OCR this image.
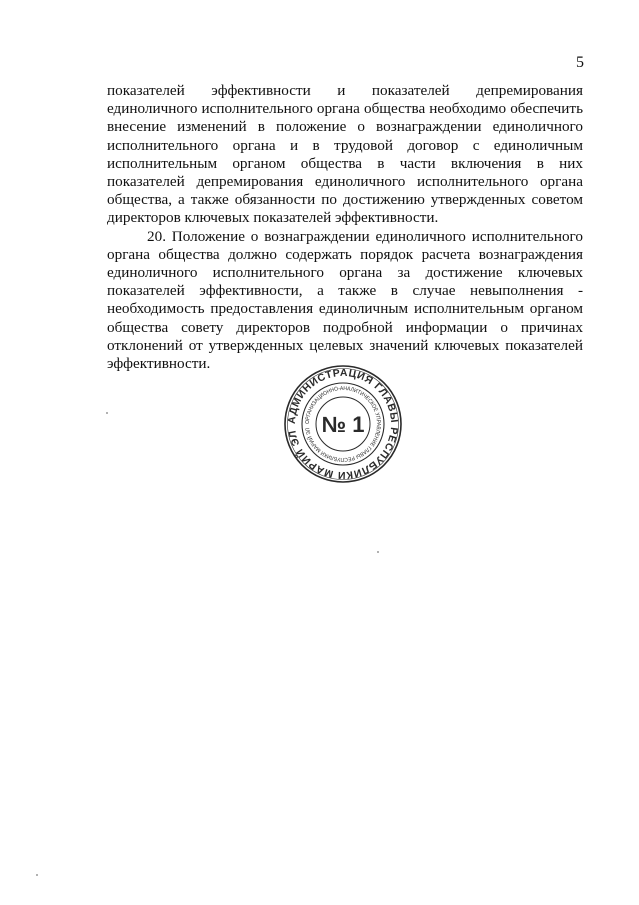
5

показателей эффективности и показателей депремирования единоличного исполнительного органа общества необходимо обеспечить внесение изменений в положение о вознаграждении единоличного исполнительного органа и в трудовой договор с единоличным исполнительным органом общества в части включения в них показателей депремирования единоличного исполнительного органа общества, а также обязанности по достижению утвержденных советом директоров ключевых показателей эффективности.

20. Положение о вознаграждении единоличного исполнительного органа общества должно содержать порядок расчета вознаграждения единоличного исполнительного органа за достижение ключевых показателей эффективности, а также в случае невыполнения - необходимость предоставления единоличным исполнительным органом общества совету директоров подробной информации о причинах отклонений от утвержденных целевых значений ключевых показателей эффективности.

АДМИНИСТРАЦИЯ ГЛАВЫ РЕСПУБЛИКИ МАРИЙ ЭЛ
ОРГАНИЗАЦИОННО-АНАЛИТИЧЕСКОЕ УПРАВЛЕНИЕ ГЛАВЫ РЕСПУБЛИКИ МАРИЙ ЭЛ № 1
